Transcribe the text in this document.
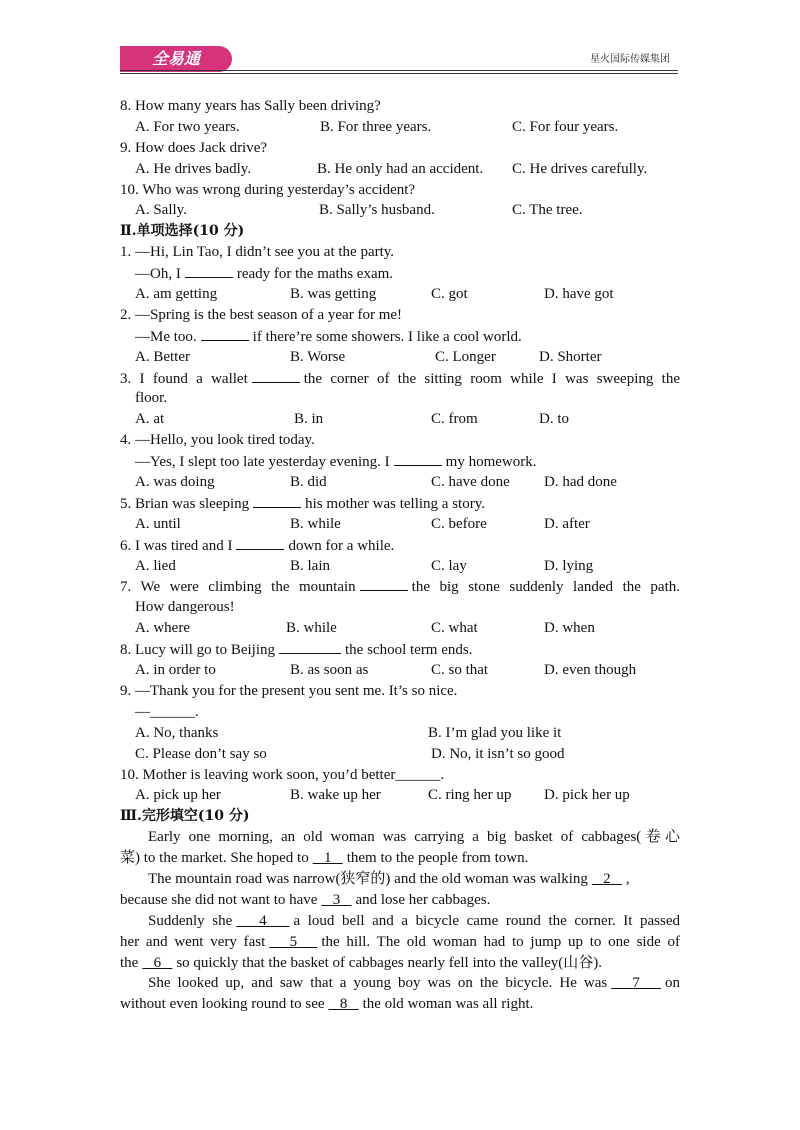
全易通	星火国际传媒集团
8. How many years has Sally been driving?
A. For two years.	B. For three years.	C. For four years.
9. How does Jack drive?
A. He drives badly.	B. He only had an accident. C. He drives carefully.
10. Who was wrong during yesterday’s accident?
A. Sally.	B. Sally’s husband.	C. The tree.
Ⅱ.单项选择(10 分)
1. —Hi, Lin Tao, I didn’t see you at the party.
—Oh, I	ready for the maths exam.
A. am getting	B. was getting	C. got	D. have got
2. —Spring is the best season of a year for me!
—Me too.	if there’re some showers. I like a cool world.
A. Better	B. Worse	C. Longer	D. Shorter
3. I found a wallet	the corner of the sitting room while I was sweeping the
floor.
A. at	B. in	C. from	D. to
4. —Hello, you look tired today.
—Yes, I slept too late yesterday evening. I	my homework.
A. was doing	B. did	C. have done D. had done
5. Brian was sleeping	his mother was telling a story.
A. until	B. while	C. before	D. after
6. I was tired and I	down for a while.
A. lied	B. lain	C. lay	D. lying
7. We were climbing the mountain	the big stone suddenly landed the path.
How dangerous!
A. where	B. while	C. what	D. when
8. Lucy will go to Beijing	the school term ends.
A. in order to	B. as soon as	C. so that	D. even though
9. —Thank you for the present you sent me. It’s so nice.
—______.
A. No, thanks	B. I’m glad you like it
C. Please don’t say so	D. No, it isn’t so good
10. Mother is leaving work soon, you’d better______.
A. pick up her	B. wake up her	C. ring her up D. pick her up
Ⅲ.完形填空(10 分)
Early one morning, an old woman was carrying a big basket of cabbages(卷心
菜) to the market. She hoped to 1 them to the people from town.
The mountain road was narrow(狭窄的) and the old woman was walking 2 ,
because she did not want to have 3 and lose her cabbages.
Suddenly she 4 a loud bell and a bicycle came round the corner. It passed
her and went very fast 5 the hill. The old woman had to jump up to one side of
the 6 so quickly that the basket of cabbages nearly fell into the valley(山谷).
She looked up, and saw that a young boy was on the bicycle. He was 7 on
without even looking round to see 8 the old woman was all right.
